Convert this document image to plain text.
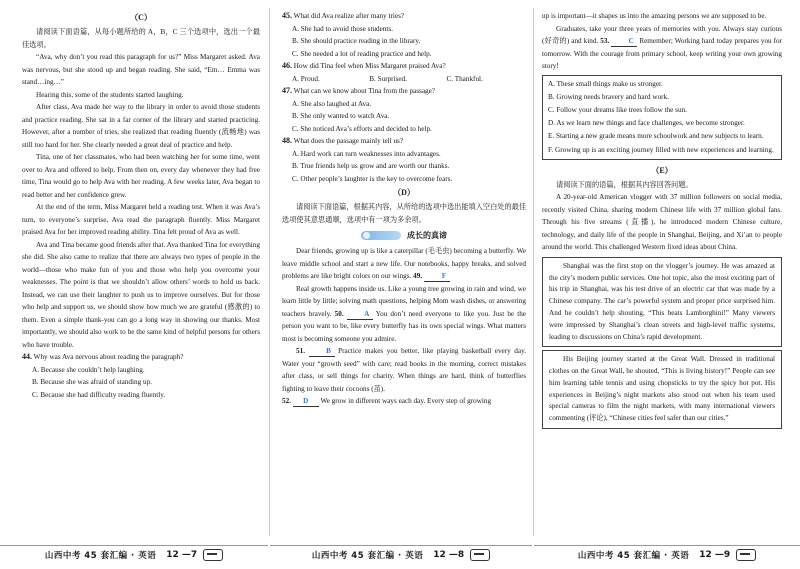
（C）

请阅读下面语篇，从每小题所给的 A，B，C 三个选项中，选出一个最佳选项。

“Ava, why don’t you read this paragraph for us?” Miss Margaret asked. Ava was nervous, but she stood up and began reading. She said, “Em… Emma was stand…ing…”

Hearing this, some of the students started laughing.

After class, Ava made her way to the library in order to avoid those students and practice reading. She sat in a far corner of the library and started practicing. However, after a number of tries, she realized that reading fluently (流畅地) was still too hard for her. She clearly needed a great deal of practice and help.

Tina, one of her classmates, who had been watching her for some time, went over to Ava and offered to help. From then on, every day whenever they had free time, Tina would go to help Ava with her reading. A few weeks later, Ava began to read better and her confidence grew.

At the end of the term, Miss Margaret held a reading test. When it was Ava’s turn, to everyone’s surprise, Ava read the paragraph fluently. Miss Margaret praised Ava for her improved reading ability. Tina felt proud of Ava as well.

Ava and Tina became good friends after that. Ava thanked Tina for everything she did. She also came to realize that there are always two types of people in the world—those who make fun of you and those who help you overcome your weaknesses. The point is that we shouldn’t allow others’ words to hold us back. Instead, we can use their laughter to push us to improve ourselves. But for those who help and support us, we should show how much we are grateful (感激的) to them. Even a simple thank-you can go a long way in showing our thanks. Most importantly, we should also work to be the same kind of helpful persons for others who have trouble.

44. Why was Ava nervous about reading the paragraph?

A. Because she couldn’t help laughing.

B. Because she was afraid of standing up.

C. Because she had difficulty reading fluently.

山西中考 45 套汇编 · 英语 12 —7

45. What did Ava realize after many tries?

A. She had to avoid those students.

B. She should practice reading in the library.

C. She needed a lot of reading practice and help.

46. How did Tina feel when Miss Margaret praised Ava?

A. Proud.	B. Surprised.	C. Thankful.

47. What can we know about Tina from the passage?

A. She also laughed at Ava.

B. She only wanted to watch Ava.

C. She noticed Ava’s efforts and decided to help.

48. What does the passage mainly tell us?

A. Hard work can turn weaknesses into advantages.

B. True friends help us grow and are worth our thanks.

C. Other people’s laughter is the key to overcome fears.

（D）

请阅读下面语篇，根据其内容，从所给的选项中选出能填入空白处的最佳选项使其意思通顺，选项中有一项为多余项。

成长的真谛

Dear friends, growing up is like a caterpillar (毛毛虫) becoming a butterfly. We leave middle school and start a new life. Our notebooks, happy breaks, and solved problems are like bright colors on our wings. 49.	F

Real growth happens inside us. Like a young tree growing in rain and wind, we learn little by little; solving math questions, helping Mom wash dishes, or answering teachers bravely. 50.	A You don’t need everyone to like you. Just be the person you want to be, like every butterfly has its own special wings. What matters most is becoming someone you admire.

51.	B Practice makes you better, like playing basketball every day. Water your “growth seed” with care; read books in the morning, correct mistakes after class, or sell things for charity. When things are hard, think of butterflies fighting to leave their cocoons (茧).

52. D We grow in different ways each day. Every step of growing

山西中考 45 套汇编 · 英语 12 —8

up is important—it shapes us into the amazing persons we are supposed to be.

Graduates, take your three years of memories with you. Always stay curious (好奇的) and kind. 53.	C Remember; Working hard today prepares you for tomorrow. With the courage from primary school, keep writing your own growing story!

A. These small things make us stronger.

B. Growing needs bravery and hard work.

C. Follow your dreams like trees follow the sun.

D. As we learn new things and face challenges, we become stronger.

E. Starting a new grade means more schoolwork and new subjects to learn.

F. Growing up is an exciting journey filled with new experiences and learning.

（E）

请阅读下面的语篇，根据其内容回答问题。

A 20-year-old American vlogger with 37 million followers on social media, recently visited China, sharing modern Chinese life with 37 million global fans. Through his five streams (直播), he introduced modern Chinese culture, technology, and daily life of the people in Shanghai, Beijing, and Xi’an to people around the world. This challenged Western fixed ideas about China.

Shanghai was the first stop on the vlogger’s journey. He was amazed at the city’s modern public services. One hot topic, also the most exciting part of his trip in Shanghai, was his test drive of an electric car that was made by a Chinese company. The car’s powerful system and proper price surprised him. And he couldn’t help shouting, “This beats Lamborghini!” Many viewers were impressed by Shanghai’s clean streets and high-level traffic systems, leading to discussions on China’s rapid development.

His Beijing journey started at the Great Wall. Dressed in traditional clothes on the Great Wall, he shouted, “This is living history!” People can see him learning table tennis and using chopsticks to try the spicy hot pot. His experiences in Beijing’s night markets also stood out when his team used special cameras to film the night markets, with many international viewers commenting (评论), “Chinese cities feel safer than our cities.”

山西中考 45 套汇编 · 英语 12 —9
